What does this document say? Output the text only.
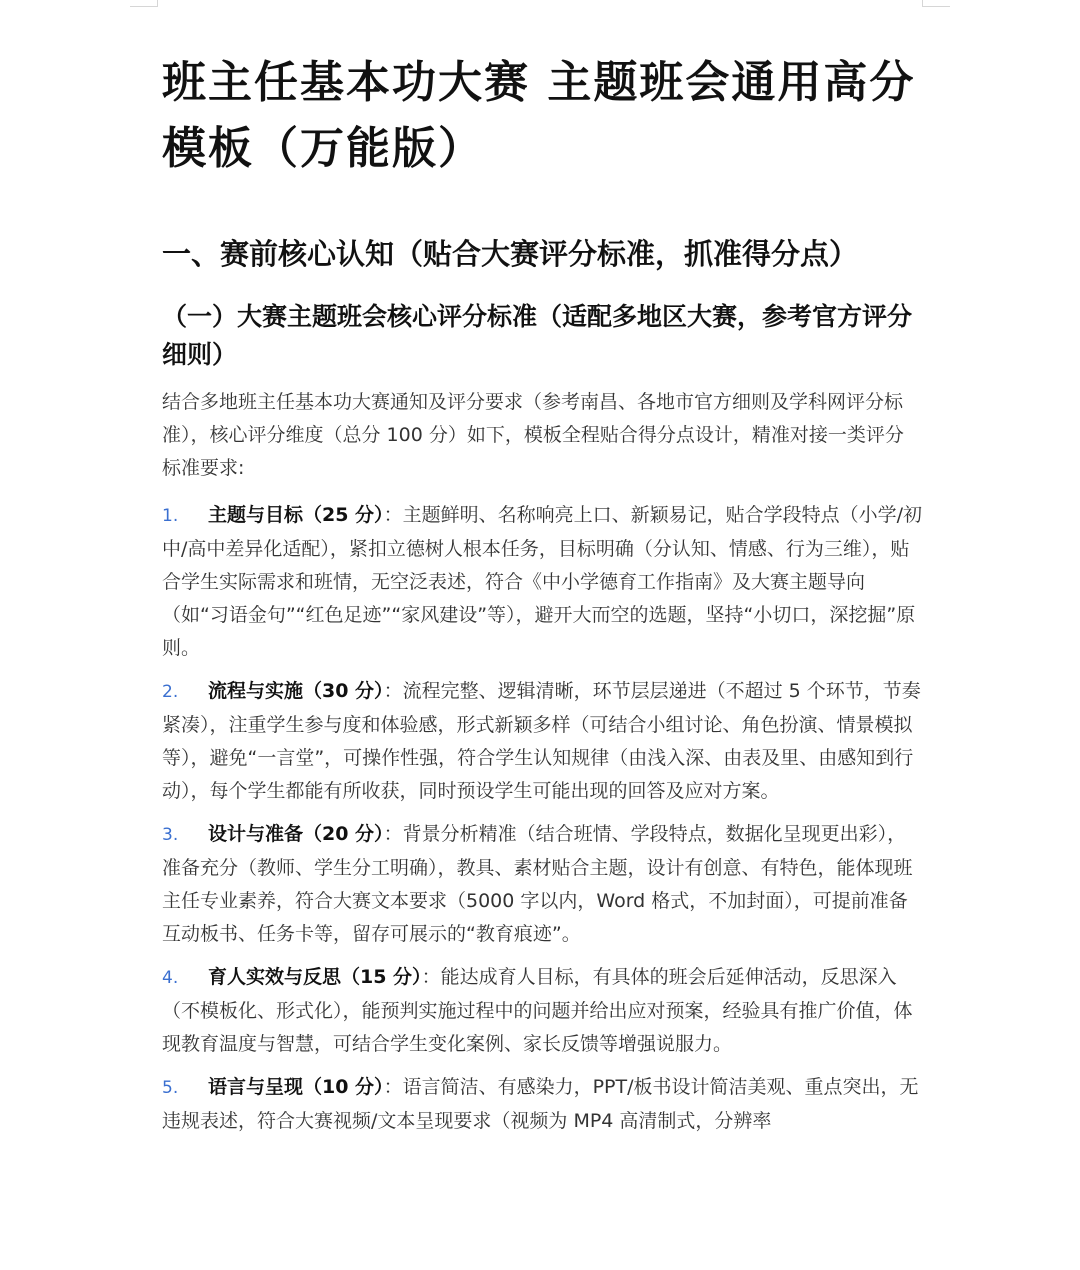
班主任基本功大赛 主题班会通用高分模板（万能版）
一、赛前核心认知（贴合大赛评分标准，抓准得分点）
（一）大赛主题班会核心评分标准（适配多地区大赛，参考官方评分细则）

结合多地班主任基本功大赛通知及评分要求（参考南昌、各地市官方细则及学科网评分标准），核心评分维度（总分 100 分）如下，模板全程贴合得分点设计，精准对接一类评分标准要求:

1. 主题与目标（25 分）：主题鲜明、名称响亮上口、新颖易记，贴合学段特点（小学/初中/高中差异化适配），紧扣立德树人根本任务，目标明确（分认知、情感、行为三维），贴合学生实际需求和班情，无空泛表述，符合《中小学德育工作指南》及大赛主题导向（如“习语金句”“红色足迹”“家风建设”等），避开大而空的选题，坚持“小切口，深挖掘”原则。
2. 流程与实施（30 分）：流程完整、逻辑清晰，环节层层递进（不超过 5 个环节，节奏紧凑），注重学生参与度和体验感，形式新颖多样（可结合小组讨论、角色扮演、情景模拟等），避免“一言堂”，可操作性强，符合学生认知规律（由浅入深、由表及里、由感知到行动），每个学生都能有所收获，同时预设学生可能出现的回答及应对方案。
3. 设计与准备（20 分）：背景分析精准（结合班情、学段特点，数据化呈现更出彩），准备充分（教师、学生分工明确），教具、素材贴合主题，设计有创意、有特色，能体现班主任专业素养，符合大赛文本要求（5000 字以内，Word 格式，不加封面），可提前准备互动板书、任务卡等，留存可展示的“教育痕迹”。
4. 育人实效与反思（15 分）：能达成育人目标，有具体的班会后延伸活动，反思深入（不模板化、形式化），能预判实施过程中的问题并给出应对预案，经验具有推广价值，体现教育温度与智慧，可结合学生变化案例、家长反馈等增强说服力。
5. 语言与呈现（10 分）：语言简洁、有感染力，PPT/板书设计简洁美观、重点突出，无违规表述，符合大赛视频/文本呈现要求（视频为 MP4 高清制式，分辨率
